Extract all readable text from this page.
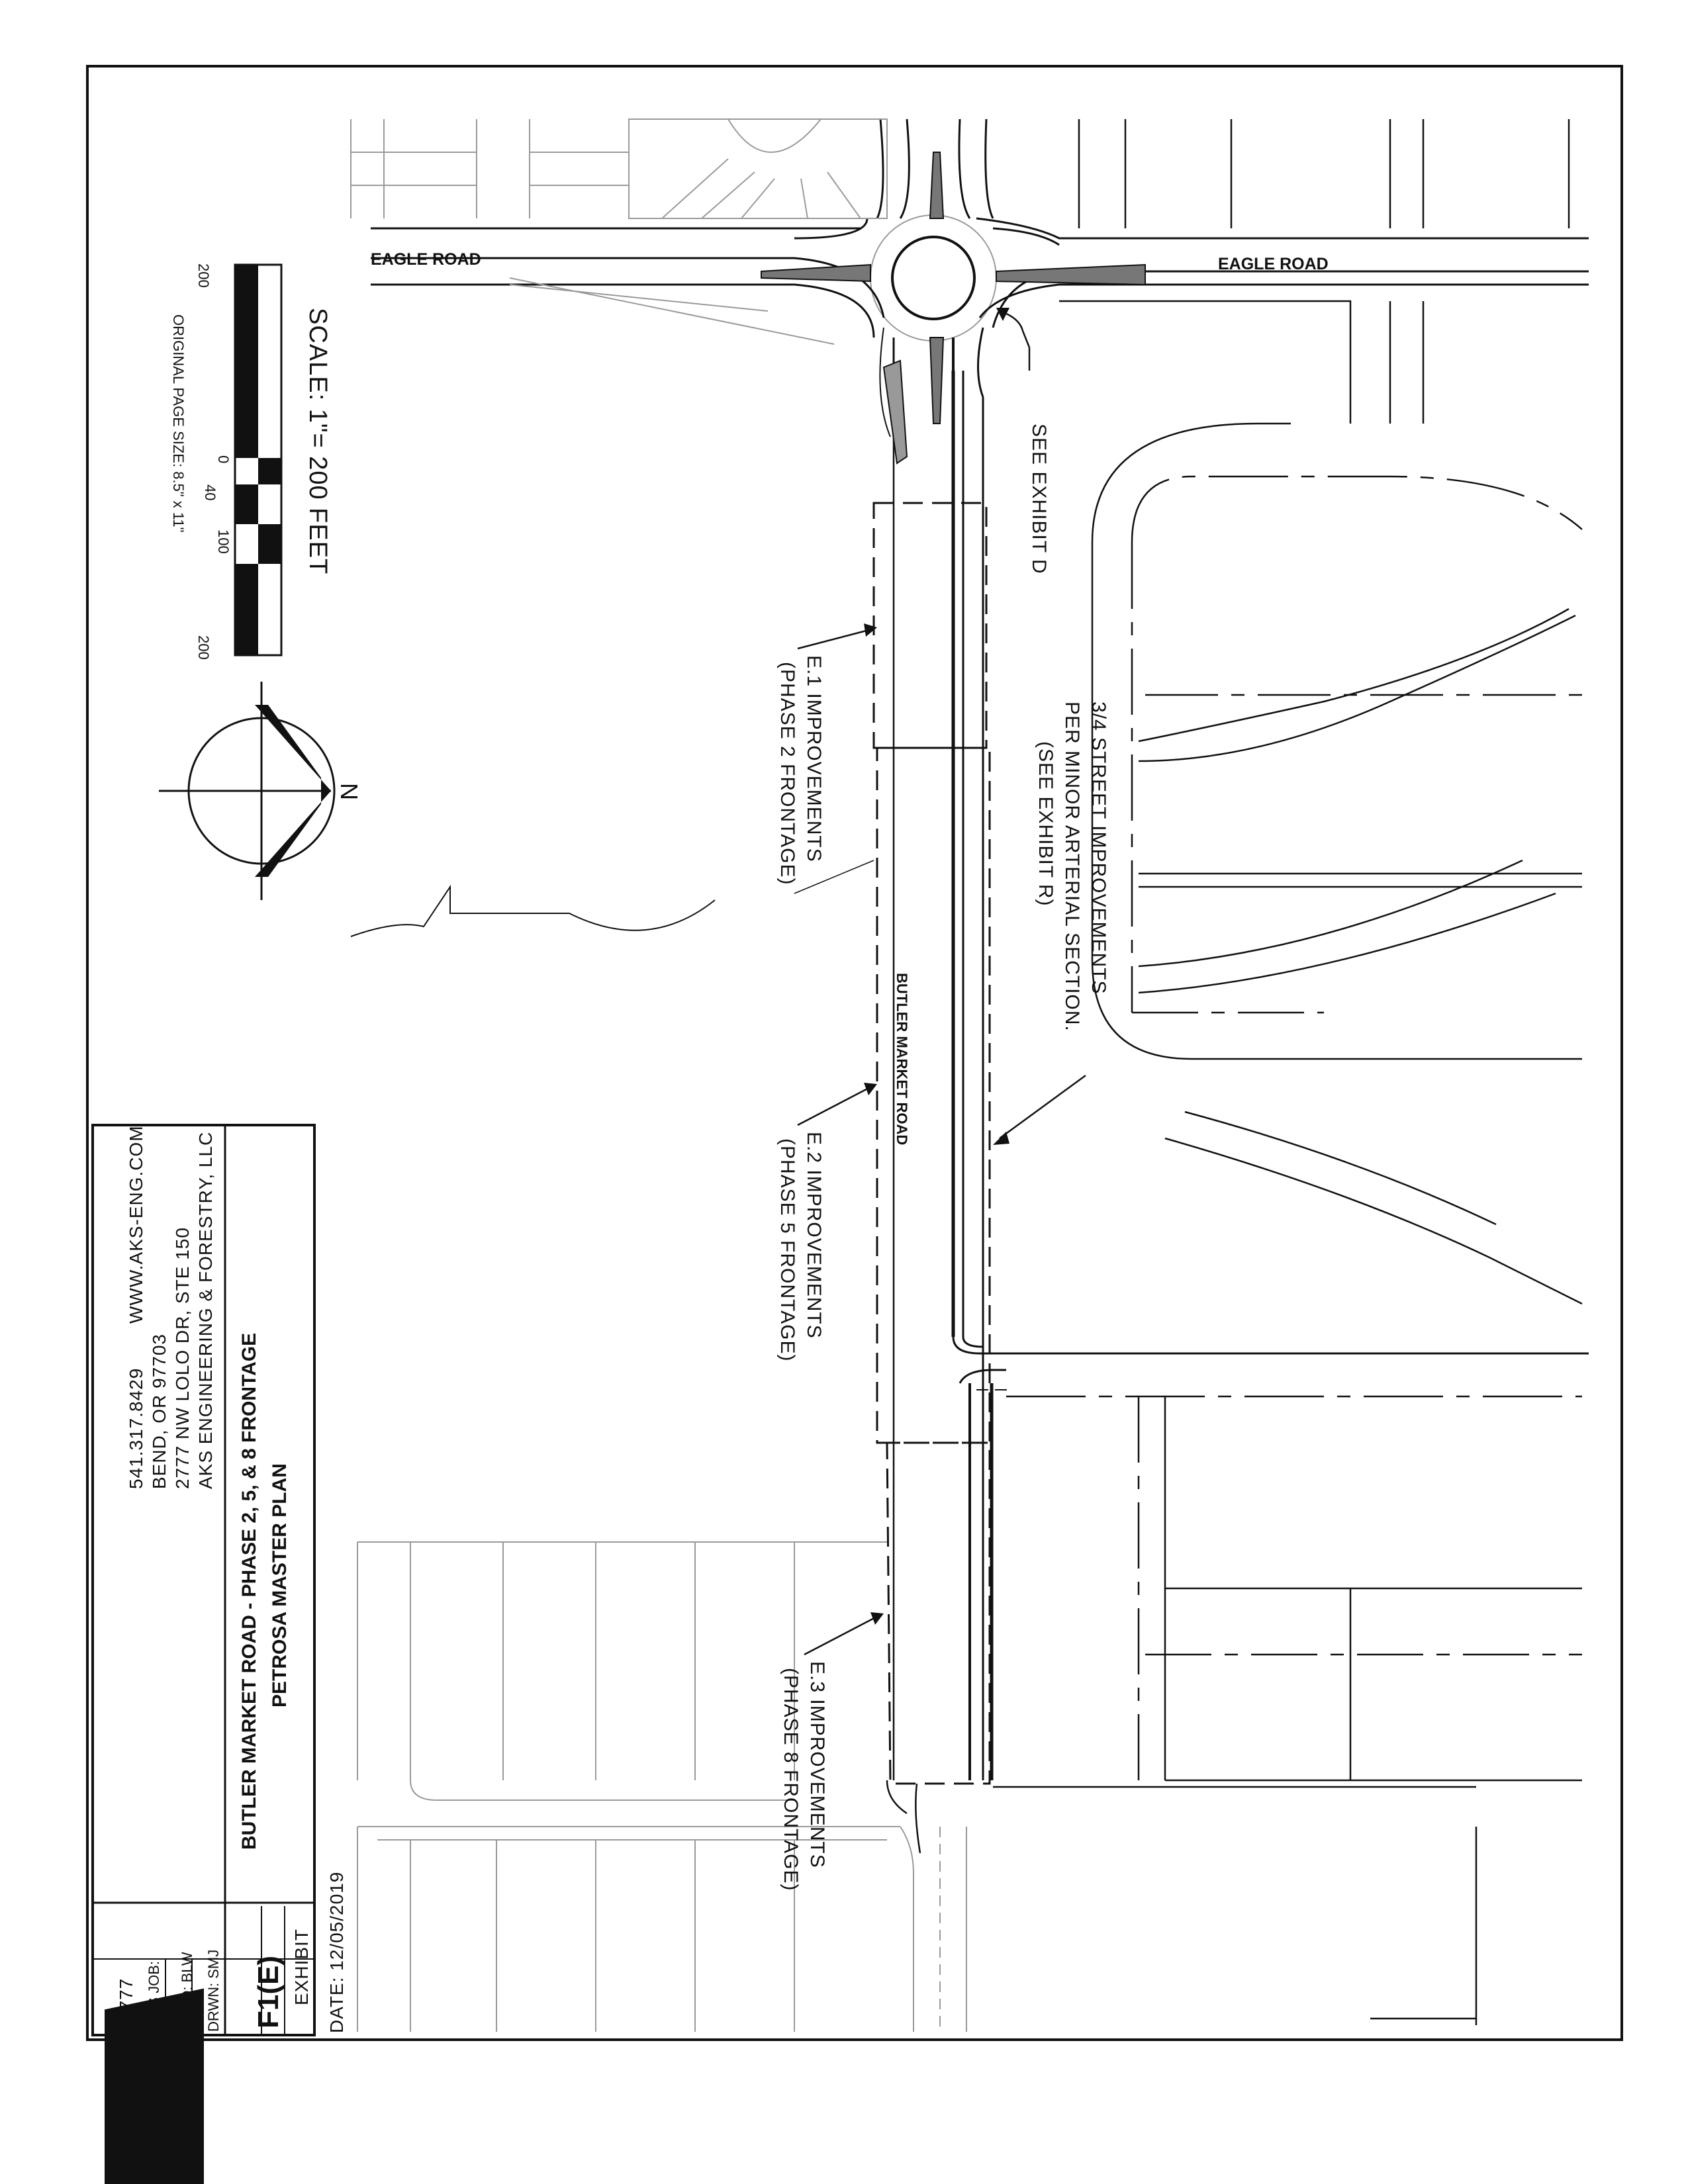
DATE: 12/05/2019
PETROSA MASTER PLAN
BUTLER MARKET ROAD - PHASE 2, 5, & 8 FRONTAGE
AKS ENGINEERING & FORESTRY, LLC
2777 NW LOLO DR, STE 150
BEND, OR 97703
541.317.8429
WWW.AKS-ENG.COM
AKS
EXHIBIT
F1(E)
DRWN: SMJ
CHKD: BLW
AKS JOB:
6777
SCALE: 1"= 200 FEET
200
0
40
100
200
ORIGINAL PAGE SIZE: 8.5" x 11"
N
EAGLE ROAD	EAGLE ROAD
BUTLER MARKET ROAD
SEE EXHIBIT D
3/4 STREET IMPROVEMENTS
PER MINOR ARTERIAL SECTION.
(SEE EXHIBIT R)
E.1 IMPROVEMENTS
(PHASE 2 FRONTAGE)
E.2 IMPROVEMENTS
(PHASE 5 FRONTAGE)
E.3 IMPROVEMENTS
(PHASE 8 FRONTAGE)
